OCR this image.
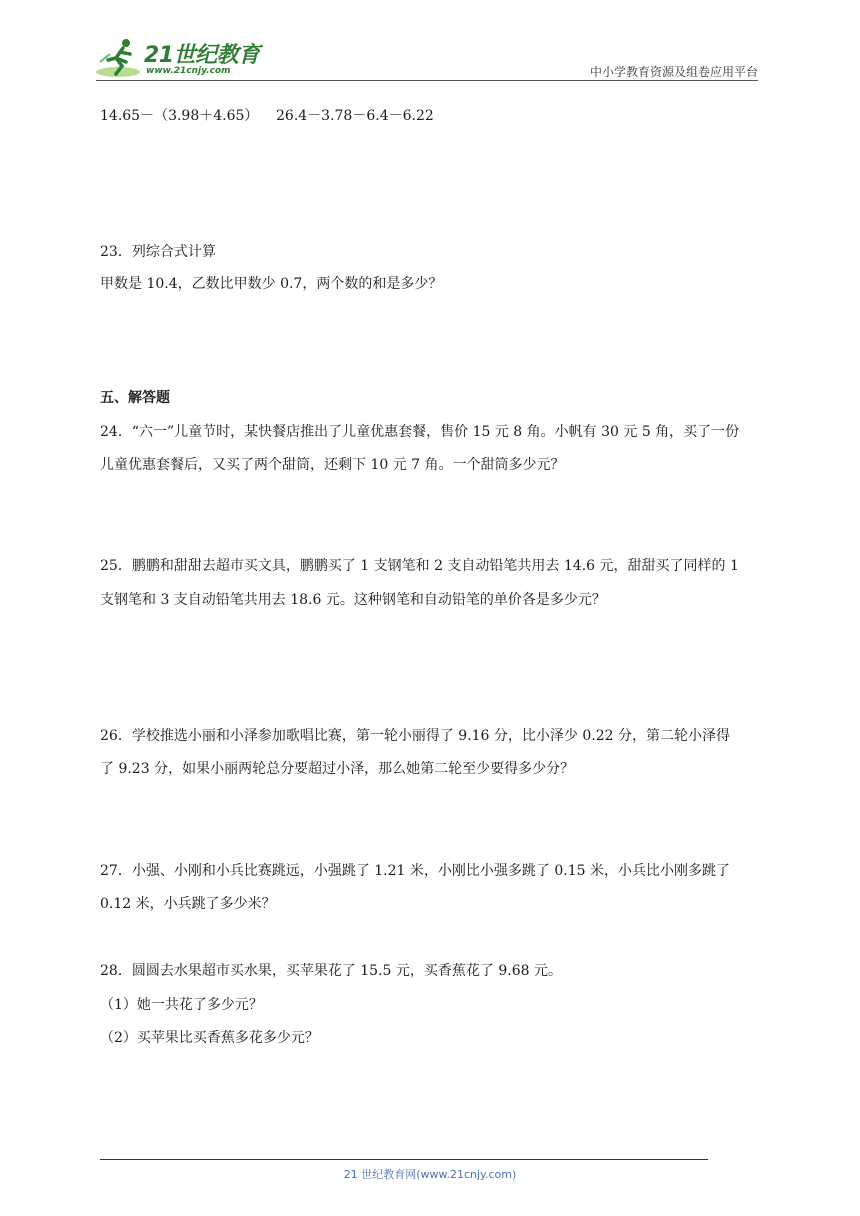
21世纪教育
www.21cnjy.com	中小学教育资源及组卷应用平台
14.65－（3.98＋4.65） 26.4－3.78－6.4－6.22
23．列综合式计算
甲数是 10.4，乙数比甲数少 0.7，两个数的和是多少？
五、解答题
24．“六一”儿童节时，某快餐店推出了儿童优惠套餐，售价 15 元 8 角。小帆有 30 元 5 角，买了一份
儿童优惠套餐后，又买了两个甜筒，还剩下 10 元 7 角。一个甜筒多少元？
25．鹏鹏和甜甜去超市买文具，鹏鹏买了 1 支钢笔和 2 支自动铅笔共用去 14.6 元，甜甜买了同样的 1
支钢笔和 3 支自动铅笔共用去 18.6 元。这种钢笔和自动铅笔的单价各是多少元？
26．学校推选小丽和小泽参加歌唱比赛，第一轮小丽得了 9.16 分，比小泽少 0.22 分，第二轮小泽得
了 9.23 分，如果小丽两轮总分要超过小泽，那么她第二轮至少要得多少分？
27．小强、小刚和小兵比赛跳远，小强跳了 1.21 米，小刚比小强多跳了 0.15 米，小兵比小刚多跳了
0.12 米，小兵跳了多少米？
28．圆圆去水果超市买水果，买苹果花了 15.5 元，买香蕉花了 9.68 元。
（1）她一共花了多少元？
（2）买苹果比买香蕉多花多少元？
21 世纪教育网(www.21cnjy.com)
